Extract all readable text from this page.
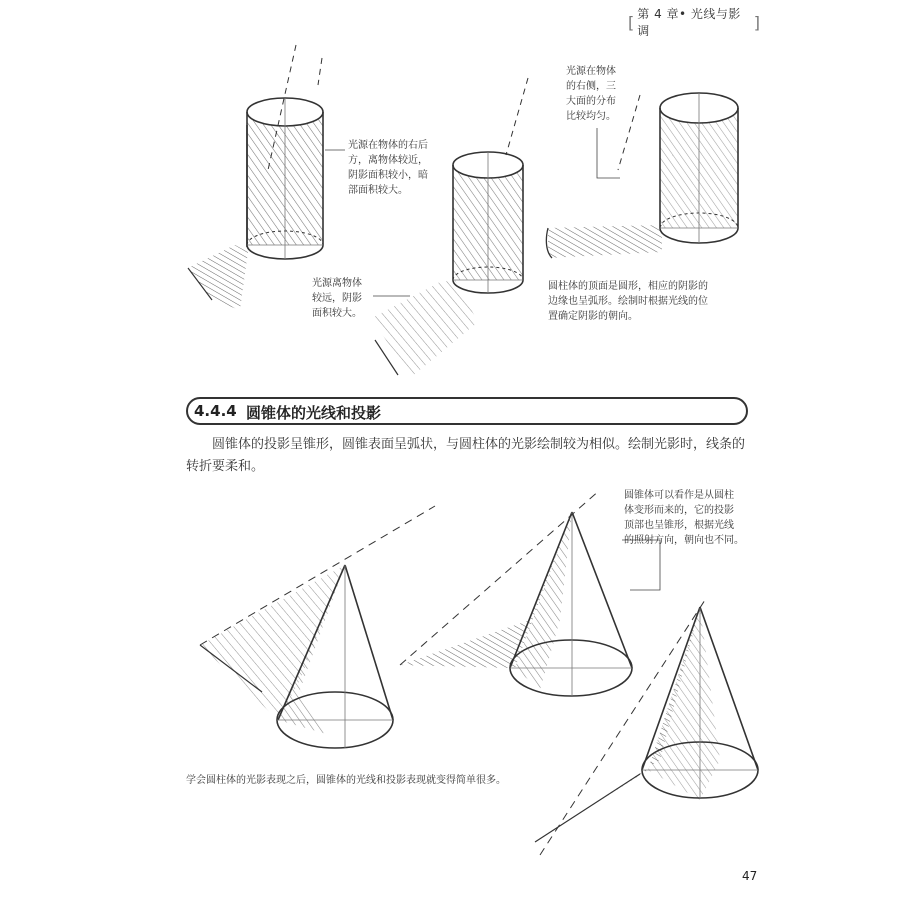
[ 第 4 章• 光线与影调	]
光源在物体的右后
方，离物体较近，
阴影面积较小，暗
部面积较大。
光源离物体
较远，阴影
面积较大。
光源在物体
的右侧，三
大面的分布
比较均匀。
圆柱体的顶面是圆形，相应的阴影的
边缘也呈弧形。绘制时根据光线的位
置确定阴影的朝向。
圆锥体可以看作是从圆柱
体变形而来的，它的投影
顶部也呈锥形，根据光线
的照射方向，朝向也不同。
4.4.4 圆锥体的光线和投影
圆锥体的投影呈锥形，圆锥表面呈弧状，与圆柱体的光影绘制较为相似。绘制光影时，线条的转折要柔和。
学会圆柱体的光影表现之后，圆锥体的光线和投影表现就变得简单很多。
47
